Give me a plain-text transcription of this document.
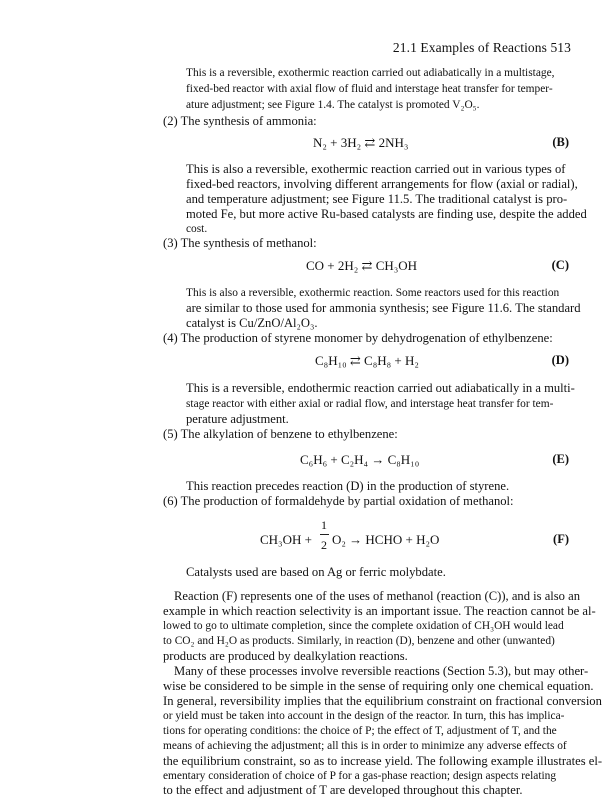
21.1 Examples of Reactions 513
This is a reversible, exothermic reaction carried out adiabatically in a multistage,
fixed-bed reactor with axial flow of fluid and interstage heat transfer for temper-
ature adjustment; see Figure 1.4. The catalyst is promoted V₂O₅.
(2) The synthesis of ammonia:
N₂ + 3H₂ ⇄ 2NH₃	(B)
This is also a reversible, exothermic reaction carried out in various types of
fixed-bed reactors, involving different arrangements for flow (axial or radial),
and temperature adjustment; see Figure 11.5. The traditional catalyst is pro-
moted Fe, but more active Ru-based catalysts are finding use, despite the added
cost.
(3) The synthesis of methanol:
CO + 2H₂ ⇄ CH₃OH	(C)
This is also a reversible, exothermic reaction. Some reactors used for this reaction
are similar to those used for ammonia synthesis; see Figure 11.6. The standard
catalyst is Cu/ZnO/Al₂O₃.
(4) The production of styrene monomer by dehydrogenation of ethylbenzene:
C₈H₁₀ ⇄ C₈H₈ + H₂	(D)
This is a reversible, endothermic reaction carried out adiabatically in a multi-
stage reactor with either axial or radial flow, and interstage heat transfer for tem-
perature adjustment.
(5) The alkylation of benzene to ethylbenzene:
C₆H₆ + C₂H₄ → C₈H₁₀	(E)
This reaction precedes reaction (D) in the production of styrene.
(6) The production of formaldehyde by partial oxidation of methanol:
CH₃OH +
1
2 O₂ → HCHO + H₂O	(F)
Catalysts used are based on Ag or ferric molybdate.
Reaction (F) represents one of the uses of methanol (reaction (C)), and is also an
example in which reaction selectivity is an important issue. The reaction cannot be al-
lowed to go to ultimate completion, since the complete oxidation of CH₃OH would lead
to CO₂ and H₂O as products. Similarly, in reaction (D), benzene and other (unwanted)
products are produced by dealkylation reactions.
Many of these processes involve reversible reactions (Section 5.3), but may other-
wise be considered to be simple in the sense of requiring only one chemical equation.
In general, reversibility implies that the equilibrium constraint on fractional conversion
or yield must be taken into account in the design of the reactor. In turn, this has implica-
tions for operating conditions: the choice of P; the effect of T, adjustment of T, and the
means of achieving the adjustment; all this is in order to minimize any adverse effects of
the equilibrium constraint, so as to increase yield. The following example illustrates el-
ementary consideration of choice of P for a gas-phase reaction; design aspects relating
to the effect and adjustment of T are developed throughout this chapter.
